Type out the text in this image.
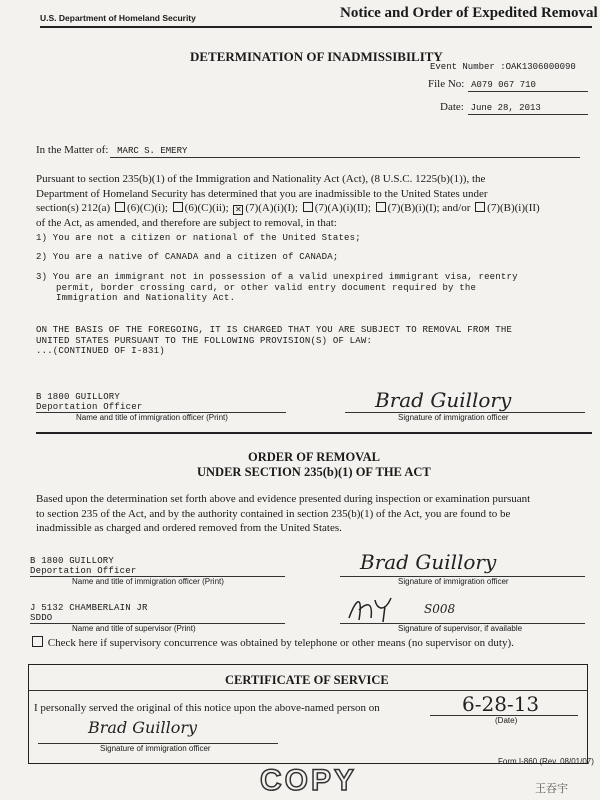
U.S. Department of Homeland Security	Notice and Order of Expedited Removal
DETERMINATION OF INADMISSIBILITY
Event Number :OAK1306000090
File No: A079 067 710
Date: June 28, 2013
In the Matter of: MARC S. EMERY
Pursuant to section 235(b)(1) of the Immigration and Nationality Act (Act), (8 U.S.C. 1225(b)(1)), the
Department of Homeland Security has determined that you are inadmissible to the United States under
section(s) 212(a) (6)(C)(i); (6)(C)(ii); ✕ (7)(A)(i)(I); (7)(A)(i)(II); (7)(B)(i)(I); and/or (7)(B)(i)(II)
of the Act, as amended, and therefore are subject to removal, in that:
1) You are not a citizen or national of the United States;
2) You are a native of CANADA and a citizen of CANADA;
3) You are an immigrant not in possession of a valid unexpired immigrant visa, reentry
permit, border crossing card, or other valid entry document required by the
Immigration and Nationality Act.
ON THE BASIS OF THE FOREGOING, IT IS CHARGED THAT YOU ARE SUBJECT TO REMOVAL FROM THE
UNITED STATES PURSUANT TO THE FOLLOWING PROVISION(S) OF LAW:
...(CONTINUED OF I-831)
B 1800 GUILLORY
Deportation Officer
Name and title of immigration officer (Print)
Brad Guillory
Signature of immigration officer
ORDER OF REMOVAL
UNDER SECTION 235(b)(1) OF THE ACT
Based upon the determination set forth above and evidence presented during inspection or examination pursuant
to section 235 of the Act, and by the authority contained in section 235(b)(1) of the Act, you are found to be
inadmissible as charged and ordered removed from the United States.
B 1800 GUILLORY
Deportation Officer
Name and title of immigration officer (Print)
Brad Guillory
Signature of immigration officer
J 5132 CHAMBERLAIN JR
SDDO
Name and title of supervisor (Print)
S008
Signature of supervisor, if available
Check here if supervisory concurrence was obtained by telephone or other means (no supervisor on duty).
CERTIFICATE OF SERVICE
I personally served the original of this notice upon the above-named person on	6-28-13
(Date)
Brad Guillory
Signature of immigration officer
Form I-860 (Rev. 08/01/07)
COPY	王吞宇
